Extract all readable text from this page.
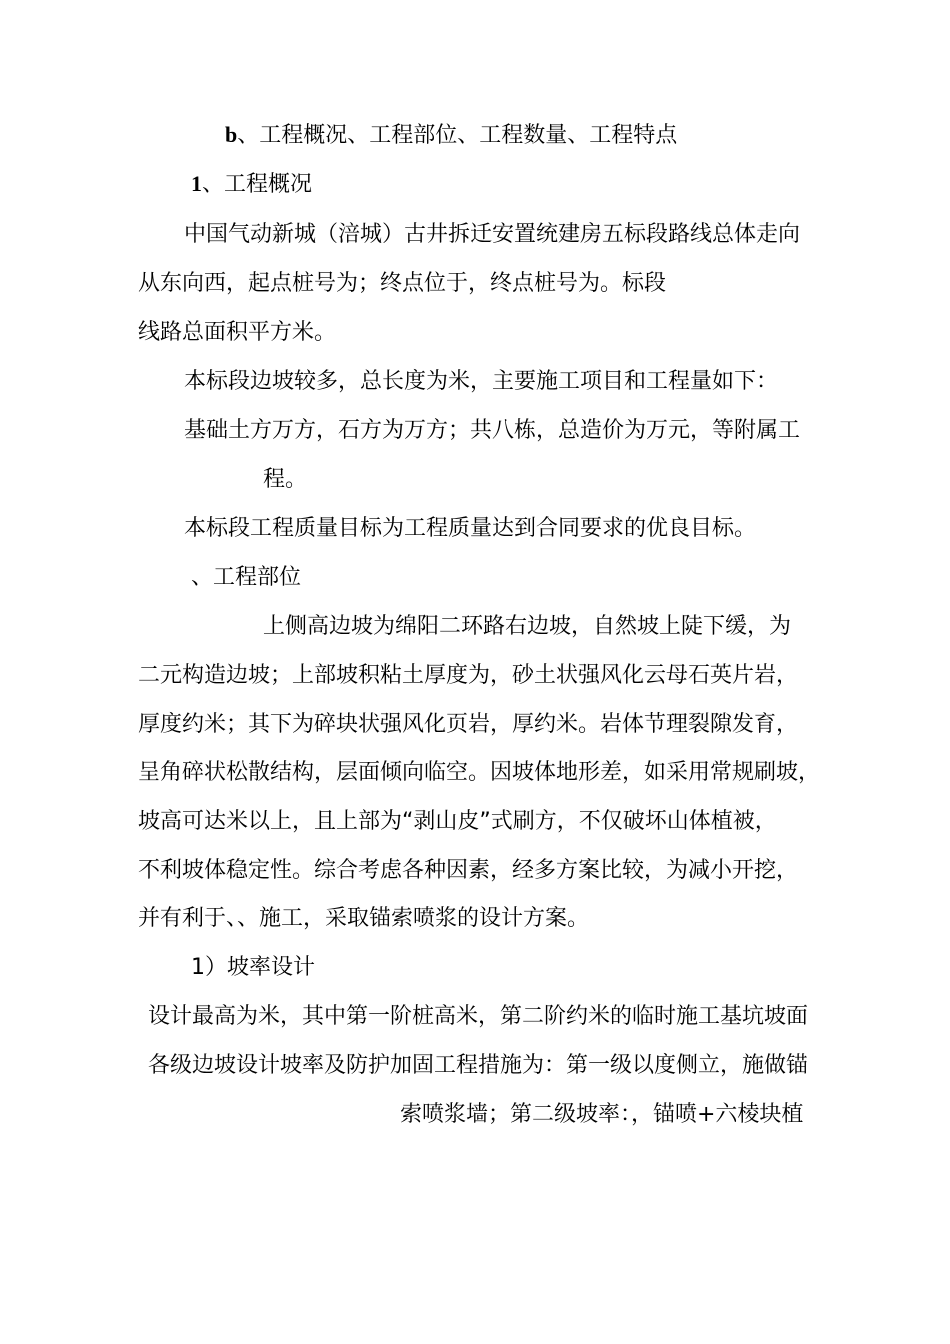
b、工程概况、工程部位、工程数量、工程特点
1、工程概况
中国气动新城（涪城）古井拆迁安置统建房五标段路线总体走向
从东向西，起点桩号为；终点位于，终点桩号为。标段
线路总面积平方米。
本标段边坡较多，总长度为米，主要施工项目和工程量如下：
基础土方万方，石方为万方；共八栋，总造价为万元，等附属工
程。
本标段工程质量目标为工程质量达到合同要求的优良目标。
、工程部位
上侧高边坡为绵阳二环路右边坡，自然坡上陡下缓，为
二元构造边坡；上部坡积粘土厚度为，砂土状强风化云母石英片岩，
厚度约米；其下为碎块状强风化页岩，厚约米。岩体节理裂隙发育，
呈角碎状松散结构，层面倾向临空。因坡体地形差，如采用常规刷坡，
坡高可达米以上，且上部为“剥山皮”式刷方，不仅破坏山体植被，
不利坡体稳定性。综合考虑各种因素，经多方案比较，为减小开挖，
并有利于、、施工，采取锚索喷浆的设计方案。
1）坡率设计
设计最高为米，其中第一阶桩高米，第二阶约米的临时施工基坑坡面
各级边坡设计坡率及防护加固工程措施为：第一级以度侧立，施做锚
索喷浆墙；第二级坡率：，锚喷+六棱块植
